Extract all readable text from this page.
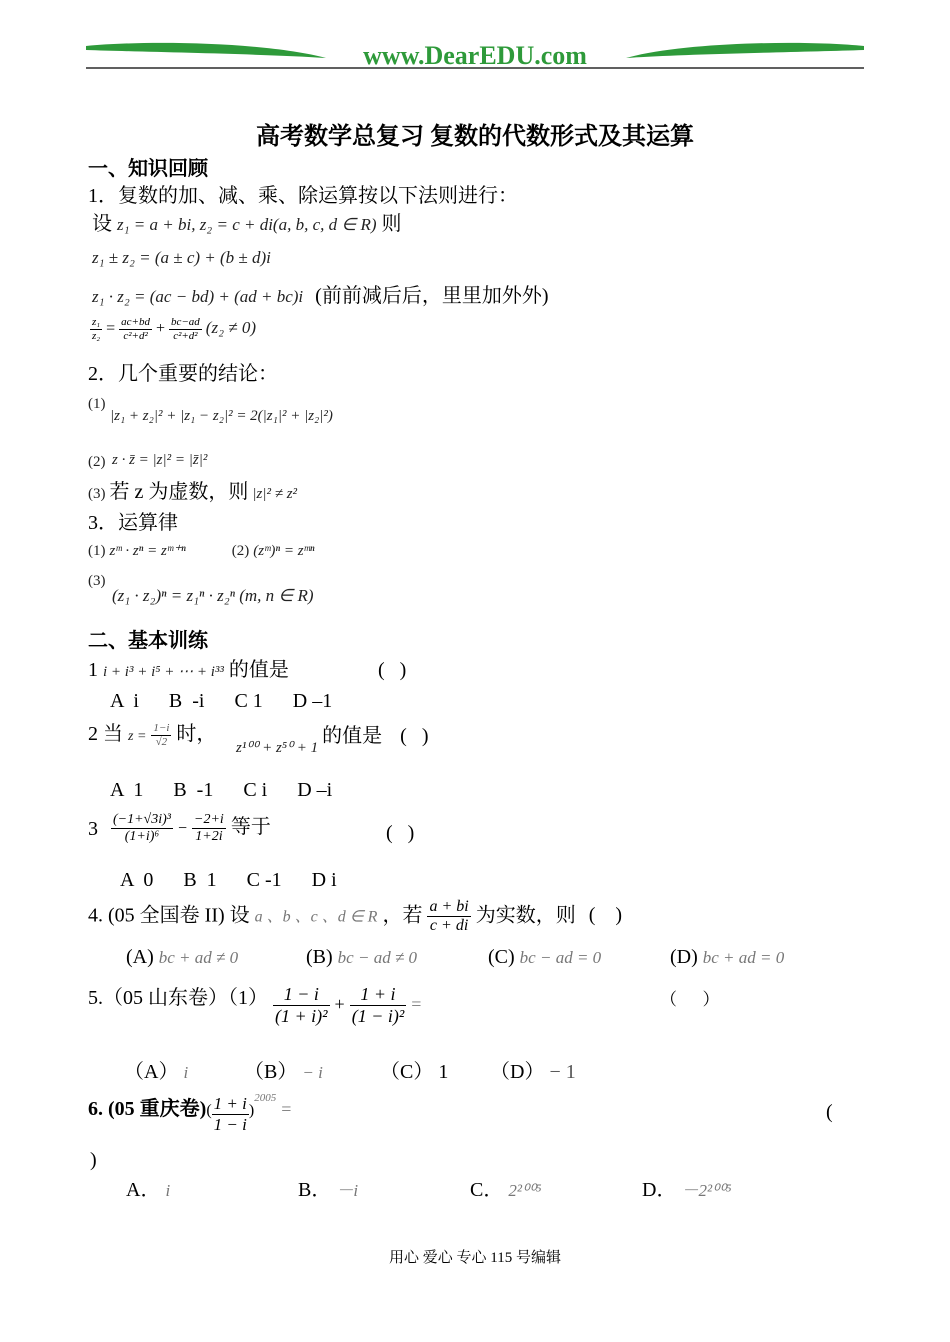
www.DearEDU.com
高考数学总复习 复数的代数形式及其运算
一、知识回顾
1．复数的加、减、乘、除运算按以下法则进行：
设 z₁ = a + bi, z₂ = c + di(a, b, c, d ∈ R) 则
z₁ ± z₂ = (a ± c) + (b ± d)i
z₁ · z₂ = (ac − bd) + (ad + bc)i (前前减后后，里里加外外)
$\frac{\text{z₁}}{\text{z₂}} = \frac{ac+bd}{\text{c²+d²}} + \frac{bc-ad}{\text{c²+d²}} (z_2 \ne 0)$
2．几个重要的结论：
(1)
|z₁ + z₂|² + |z₁ − z₂|² = 2(|z₁|² + |z₂|²)
(2) z · z̄ = |z|² = |z̄|²
(3) 若 z 为虚数，则 |z|² ≠ z²
3．运算律
(1) zᵐ · zⁿ = zᵐ⁺ⁿ	(2) (zᵐ)ⁿ = zᵐⁿ
(3)
(z₁ · z₂)ⁿ = z₁ⁿ · z₂ⁿ (m, n ∈ R)
二、基本训练
1 i + i³ + i⁵ + ⋯ + i³³ 的值是	(   )
A  i      B  -i      C 1      D –1
2 当 $z = \frac{1-i}{√2}$ 时，
z¹⁰⁰ + z⁵⁰ + 1 的值是 (   )
A  1      B  -1      C i      D –i
$3 \frac{\text{(−1+√3i)³}}{\text{(1+i)⁶}} - \frac{-2+i}{1+2i}$ 等于	(   )
A  0      B  1      C -1      D i
4. (05 全国卷 II) 设 a 、b 、c 、d ∈ R ，若 $\frac{a + bi}{c + di}$ 为实数，则 (    )
(A) bc + ad ≠ 0	(B) bc − ad ≠ 0	(C) bc − ad = 0	(D) bc + ad = 0
5.（05 山东卷）$(1) \frac{1 - i}{\text{(1 + i)²}} + \frac{1 + i}{\text{(1 − i)²}}$ =	（      ）
（A） i	（B） − i	（C） 1 （D） − 1
6. (05 重庆卷)$^( \frac{1 + i}{1 - i} ^{)2005}$ =	(
)
A． i	B． －i	C． 2²⁰⁰⁵	D． －2²⁰⁰⁵
用心 爱心 专心 115 号编辑
